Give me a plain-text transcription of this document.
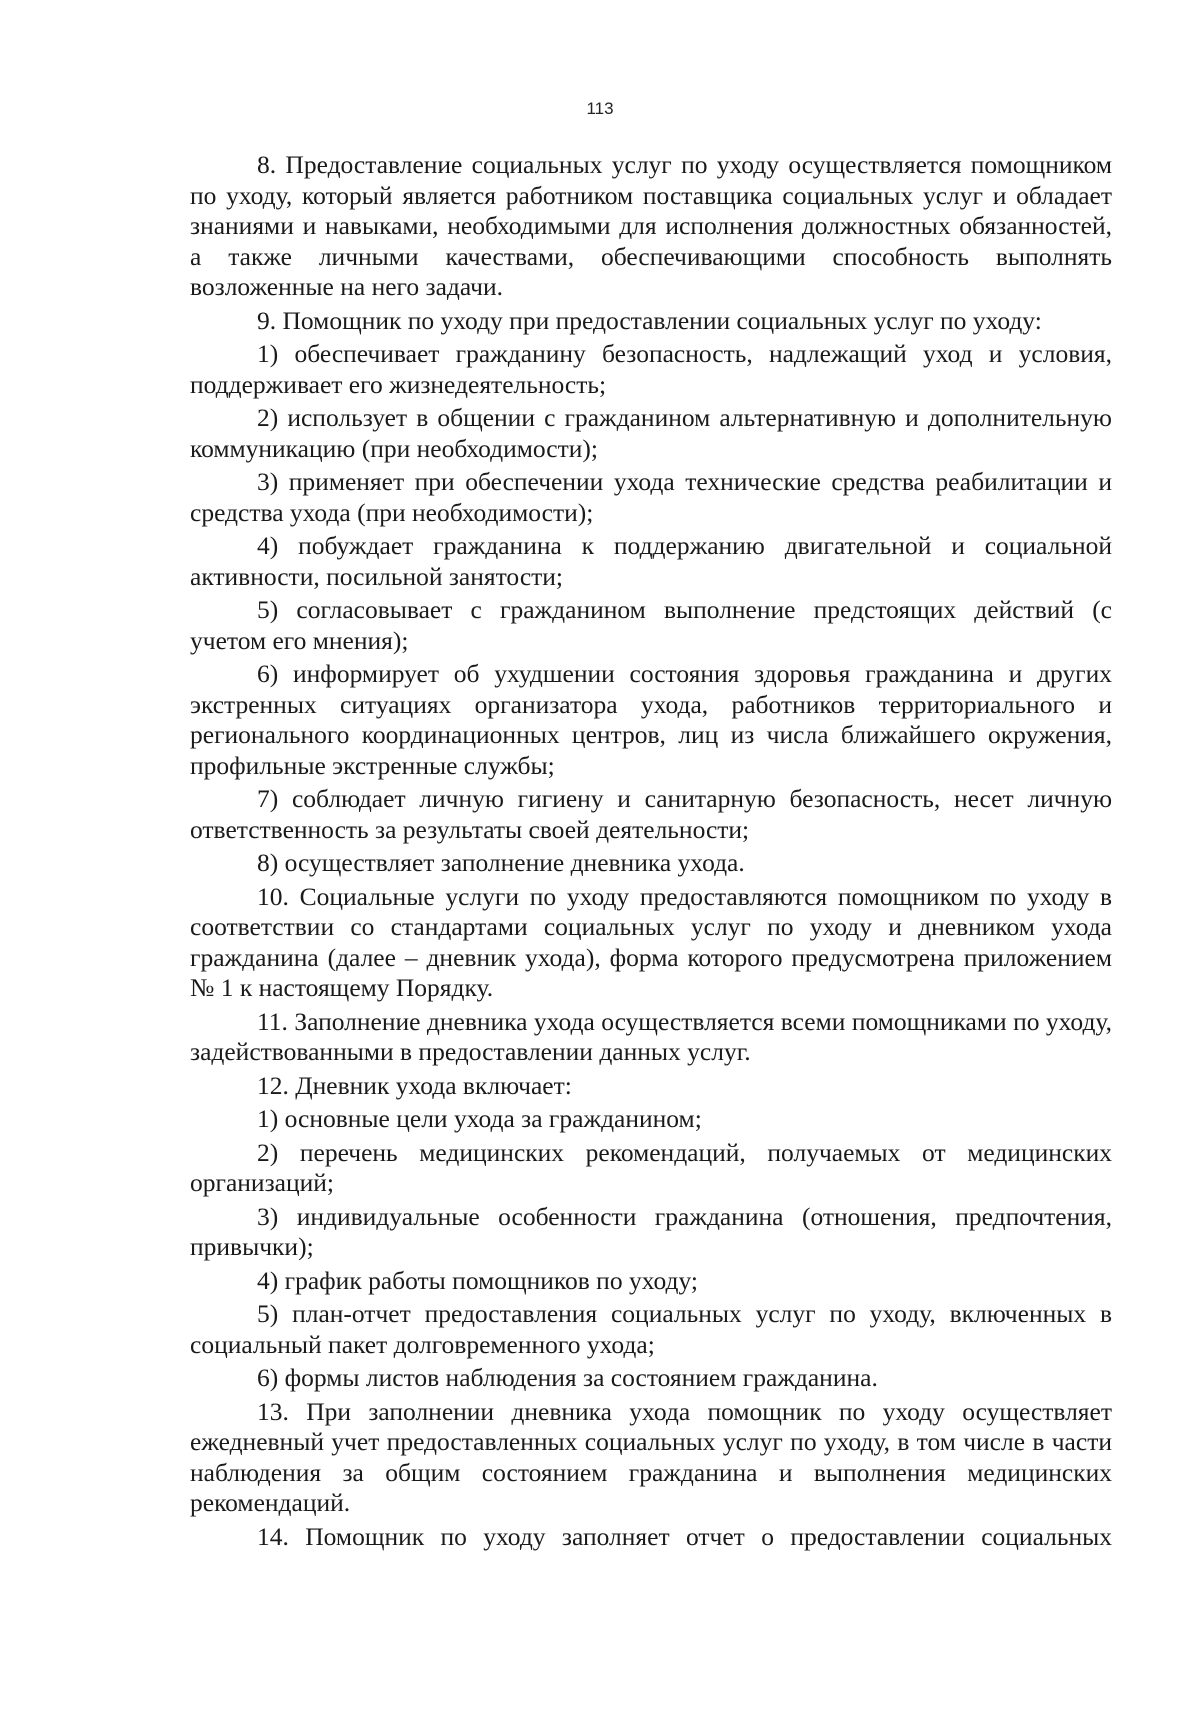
113

8. Предоставление социальных услуг по уходу осуществляется помощником по уходу, который является работником поставщика социальных услуг и обладает знаниями и навыками, необходимыми для исполнения должностных обязанностей, а также личными качествами, обеспечивающими способность выполнять возложенные на него задачи.

9. Помощник по уходу при предоставлении социальных услуг по уходу:

1) обеспечивает гражданину безопасность, надлежащий уход и условия, поддерживает его жизнедеятельность;

2) использует в общении с гражданином альтернативную и дополнительную коммуникацию (при необходимости);

3) применяет при обеспечении ухода технические средства реабилитации и средства ухода (при необходимости);

4) побуждает гражданина к поддержанию двигательной и социальной активности, посильной занятости;

5) согласовывает с гражданином выполнение предстоящих действий (с учетом его мнения);

6) информирует об ухудшении состояния здоровья гражданина и других экстренных ситуациях организатора ухода, работников территориального и регионального координационных центров, лиц из числа ближайшего окружения, профильные экстренные службы;

7) соблюдает личную гигиену и санитарную безопасность, несет личную ответственность за результаты своей деятельности;

8) осуществляет заполнение дневника ухода.

10. Социальные услуги по уходу предоставляются помощником по уходу в соответствии со стандартами социальных услуг по уходу и дневником ухода гражданина (далее – дневник ухода), форма которого предусмотрена приложением № 1 к настоящему Порядку.

11. Заполнение дневника ухода осуществляется всеми помощниками по уходу, задействованными в предоставлении данных услуг.

12. Дневник ухода включает:

1) основные цели ухода за гражданином;

2) перечень медицинских рекомендаций, получаемых от медицинских организаций;

3) индивидуальные особенности гражданина (отношения, предпочтения, привычки);

4) график работы помощников по уходу;

5) план-отчет предоставления социальных услуг по уходу, включенных в социальный пакет долговременного ухода;

6) формы листов наблюдения за состоянием гражданина.

13. При заполнении дневника ухода помощник по уходу осуществляет ежедневный учет предоставленных социальных услуг по уходу, в том числе в части наблюдения за общим состоянием гражданина и выполнения медицинских рекомендаций.

14. Помощник по уходу заполняет отчет о предоставлении социальных
